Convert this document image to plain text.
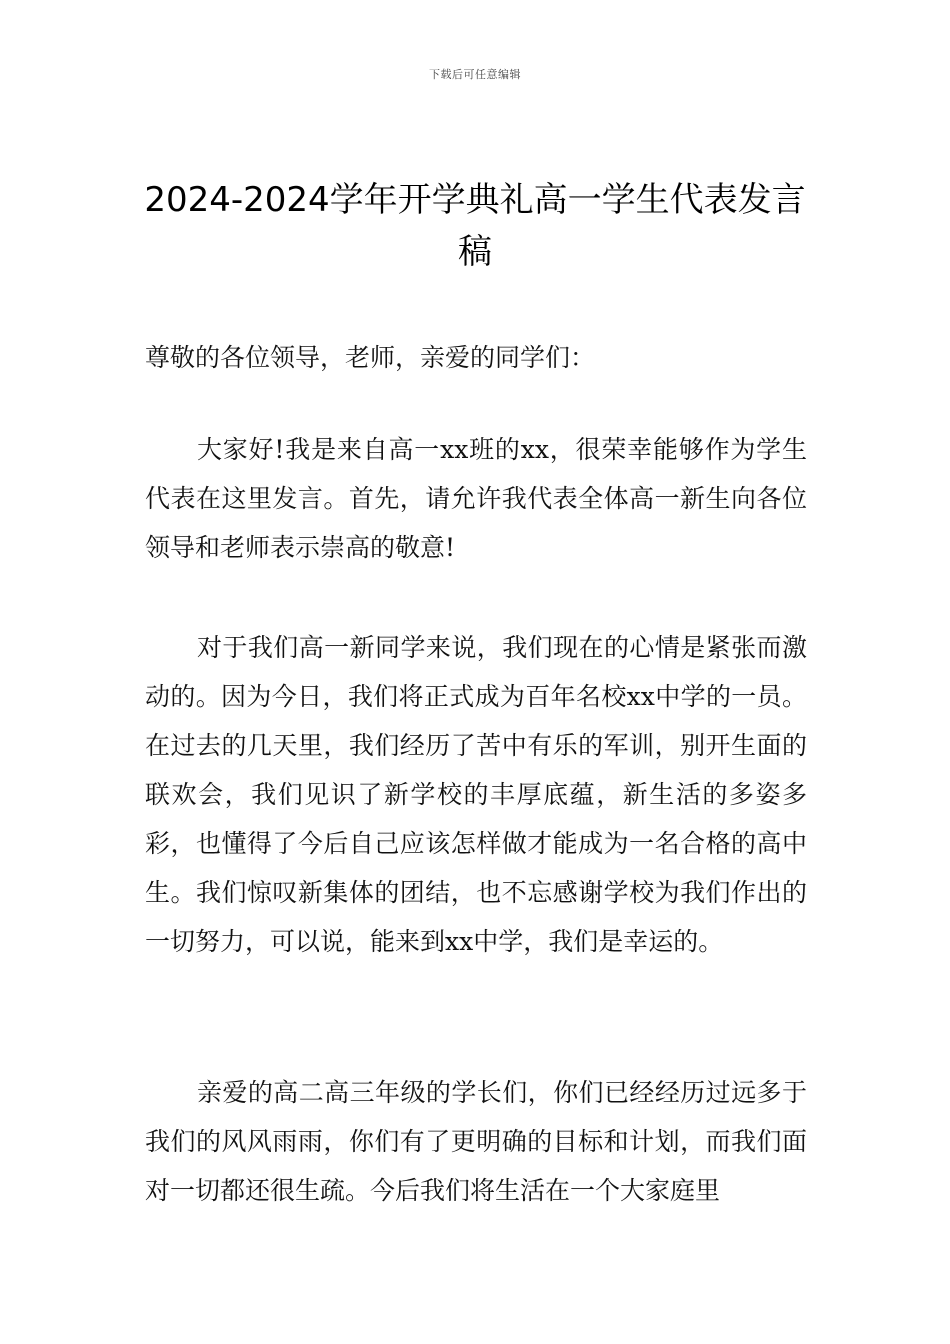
下载后可任意编辑
2024-2024学年开学典礼高一学生代表发言稿

尊敬的各位领导，老师，亲爱的同学们：

大家好!我是来自高一xx班的xx，很荣幸能够作为学生代表在这里发言。首先，请允许我代表全体高一新生向各位领导和老师表示崇高的敬意!

对于我们高一新同学来说，我们现在的心情是紧张而激动的。因为今日，我们将正式成为百年名校xx中学的一员。在过去的几天里，我们经历了苦中有乐的军训，别开生面的联欢会，我们见识了新学校的丰厚底蕴，新生活的多姿多彩，也懂得了今后自己应该怎样做才能成为一名合格的高中生。我们惊叹新集体的团结，也不忘感谢学校为我们作出的一切努力，可以说，能来到xx中学，我们是幸运的。

亲爱的高二高三年级的学长们，你们已经经历过远多于我们的风风雨雨，你们有了更明确的目标和计划，而我们面对一切都还很生疏。今后我们将生活在一个大家庭里
